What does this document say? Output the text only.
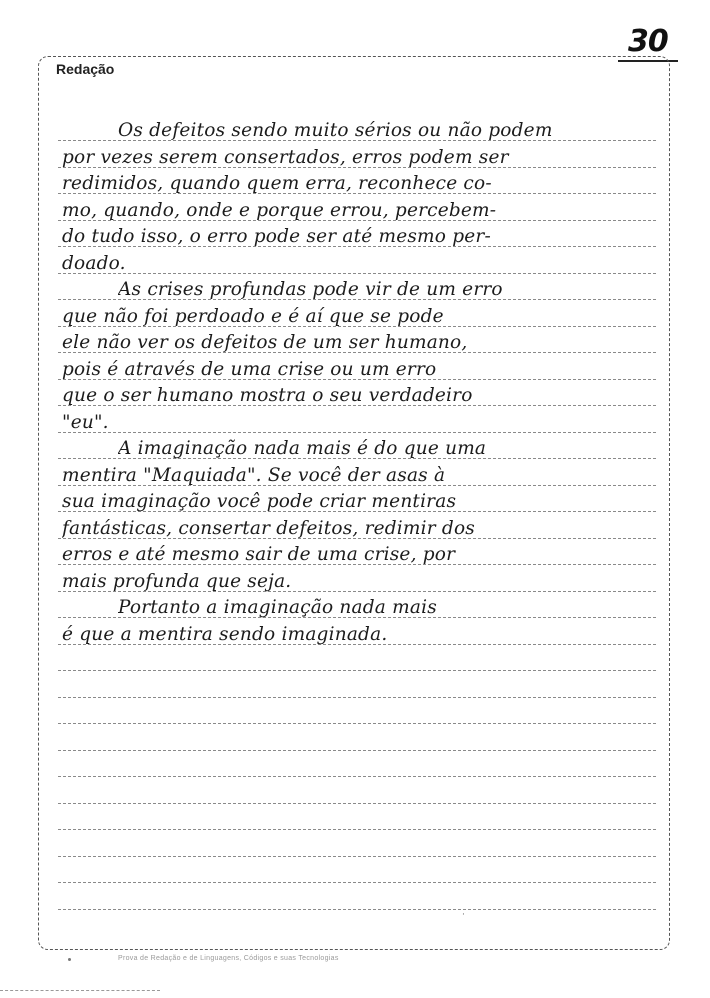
30
Redação
Os defeitos sendo muito sérios ou não podem
por vezes serem consertados, erros podem ser
redimidos, quando quem erra, reconhece co-
mo, quando, onde e porque errou, percebem-
do tudo isso, o erro pode ser até mesmo per-
doado.
As crises profundas pode vir de um erro
que não foi perdoado e é aí que se pode
ele não ver os defeitos de um ser humano,
pois é através de uma crise ou um erro
que o ser humano mostra o seu verdadeiro
"eu".
A imaginação nada mais é do que uma
mentira "Maquiada". Se você der asas à
sua imaginação você pode criar mentiras
fantásticas, consertar defeitos, redimir dos
erros e até mesmo sair de uma crise, por
mais profunda que seja.
Portanto a imaginação nada mais
é que a mentira sendo imaginada.
·
Prova de Redação e de Linguagens, Códigos e suas Tecnologias
